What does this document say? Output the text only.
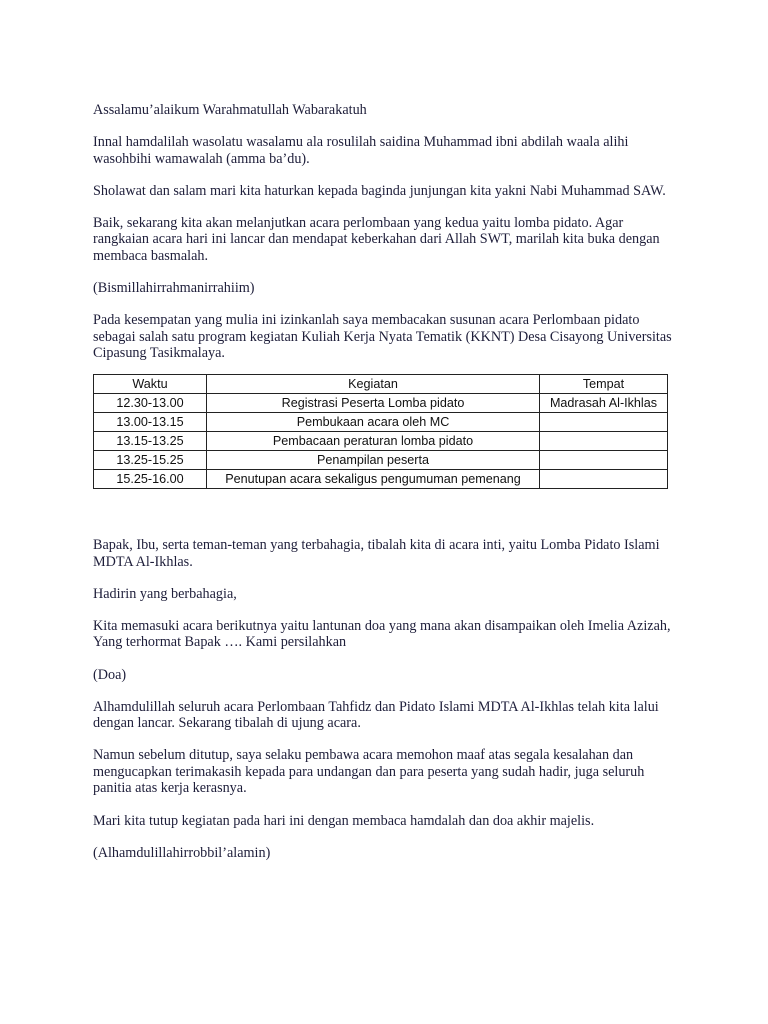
Assalamu’alaikum Warahmatullah Wabarakatuh

Innal hamdalilah wasolatu wasalamu ala rosulilah saidina Muhammad ibni abdilah waala alihi wasohbihi wamawalah (amma ba’du).

Sholawat dan salam mari kita haturkan kepada baginda junjungan kita yakni Nabi Muhammad SAW.

Baik, sekarang kita akan melanjutkan acara perlombaan yang kedua yaitu lomba pidato. Agar rangkaian acara hari ini lancar dan mendapat keberkahan dari Allah SWT, marilah kita buka dengan membaca basmalah.

(Bismillahirrahmanirrahiim)

Pada kesempatan yang mulia ini izinkanlah saya membacakan susunan acara Perlombaan pidato sebagai salah satu program kegiatan Kuliah Kerja Nyata Tematik (KKNT) Desa Cisayong Universitas Cipasung Tasikmalaya.

Waktu	Kegiatan	Tempat
12.30-13.00	Registrasi Peserta Lomba pidato	Madrasah Al-Ikhlas
13.00-13.15	Pembukaan acara oleh MC	
13.15-13.25	Pembacaan peraturan lomba pidato	
13.25-15.25	Penampilan peserta	
15.25-16.00	Penutupan acara sekaligus pengumuman pemenang	

Bapak, Ibu, serta teman-teman yang terbahagia, tibalah kita di acara inti, yaitu Lomba Pidato Islami MDTA Al-Ikhlas.

Hadirin yang berbahagia,

Kita memasuki acara berikutnya yaitu lantunan doa yang mana akan disampaikan oleh Imelia Azizah, Yang terhormat Bapak …. Kami persilahkan

(Doa)

Alhamdulillah seluruh acara Perlombaan Tahfidz dan Pidato Islami MDTA Al-Ikhlas telah kita lalui dengan lancar. Sekarang tibalah di ujung acara.

Namun sebelum ditutup, saya selaku pembawa acara memohon maaf atas segala kesalahan dan mengucapkan terimakasih kepada para undangan dan para peserta yang sudah hadir, juga seluruh panitia atas kerja kerasnya.

Mari kita tutup kegiatan pada hari ini dengan membaca hamdalah dan doa akhir majelis.

(Alhamdulillahirrobbil’alamin)
